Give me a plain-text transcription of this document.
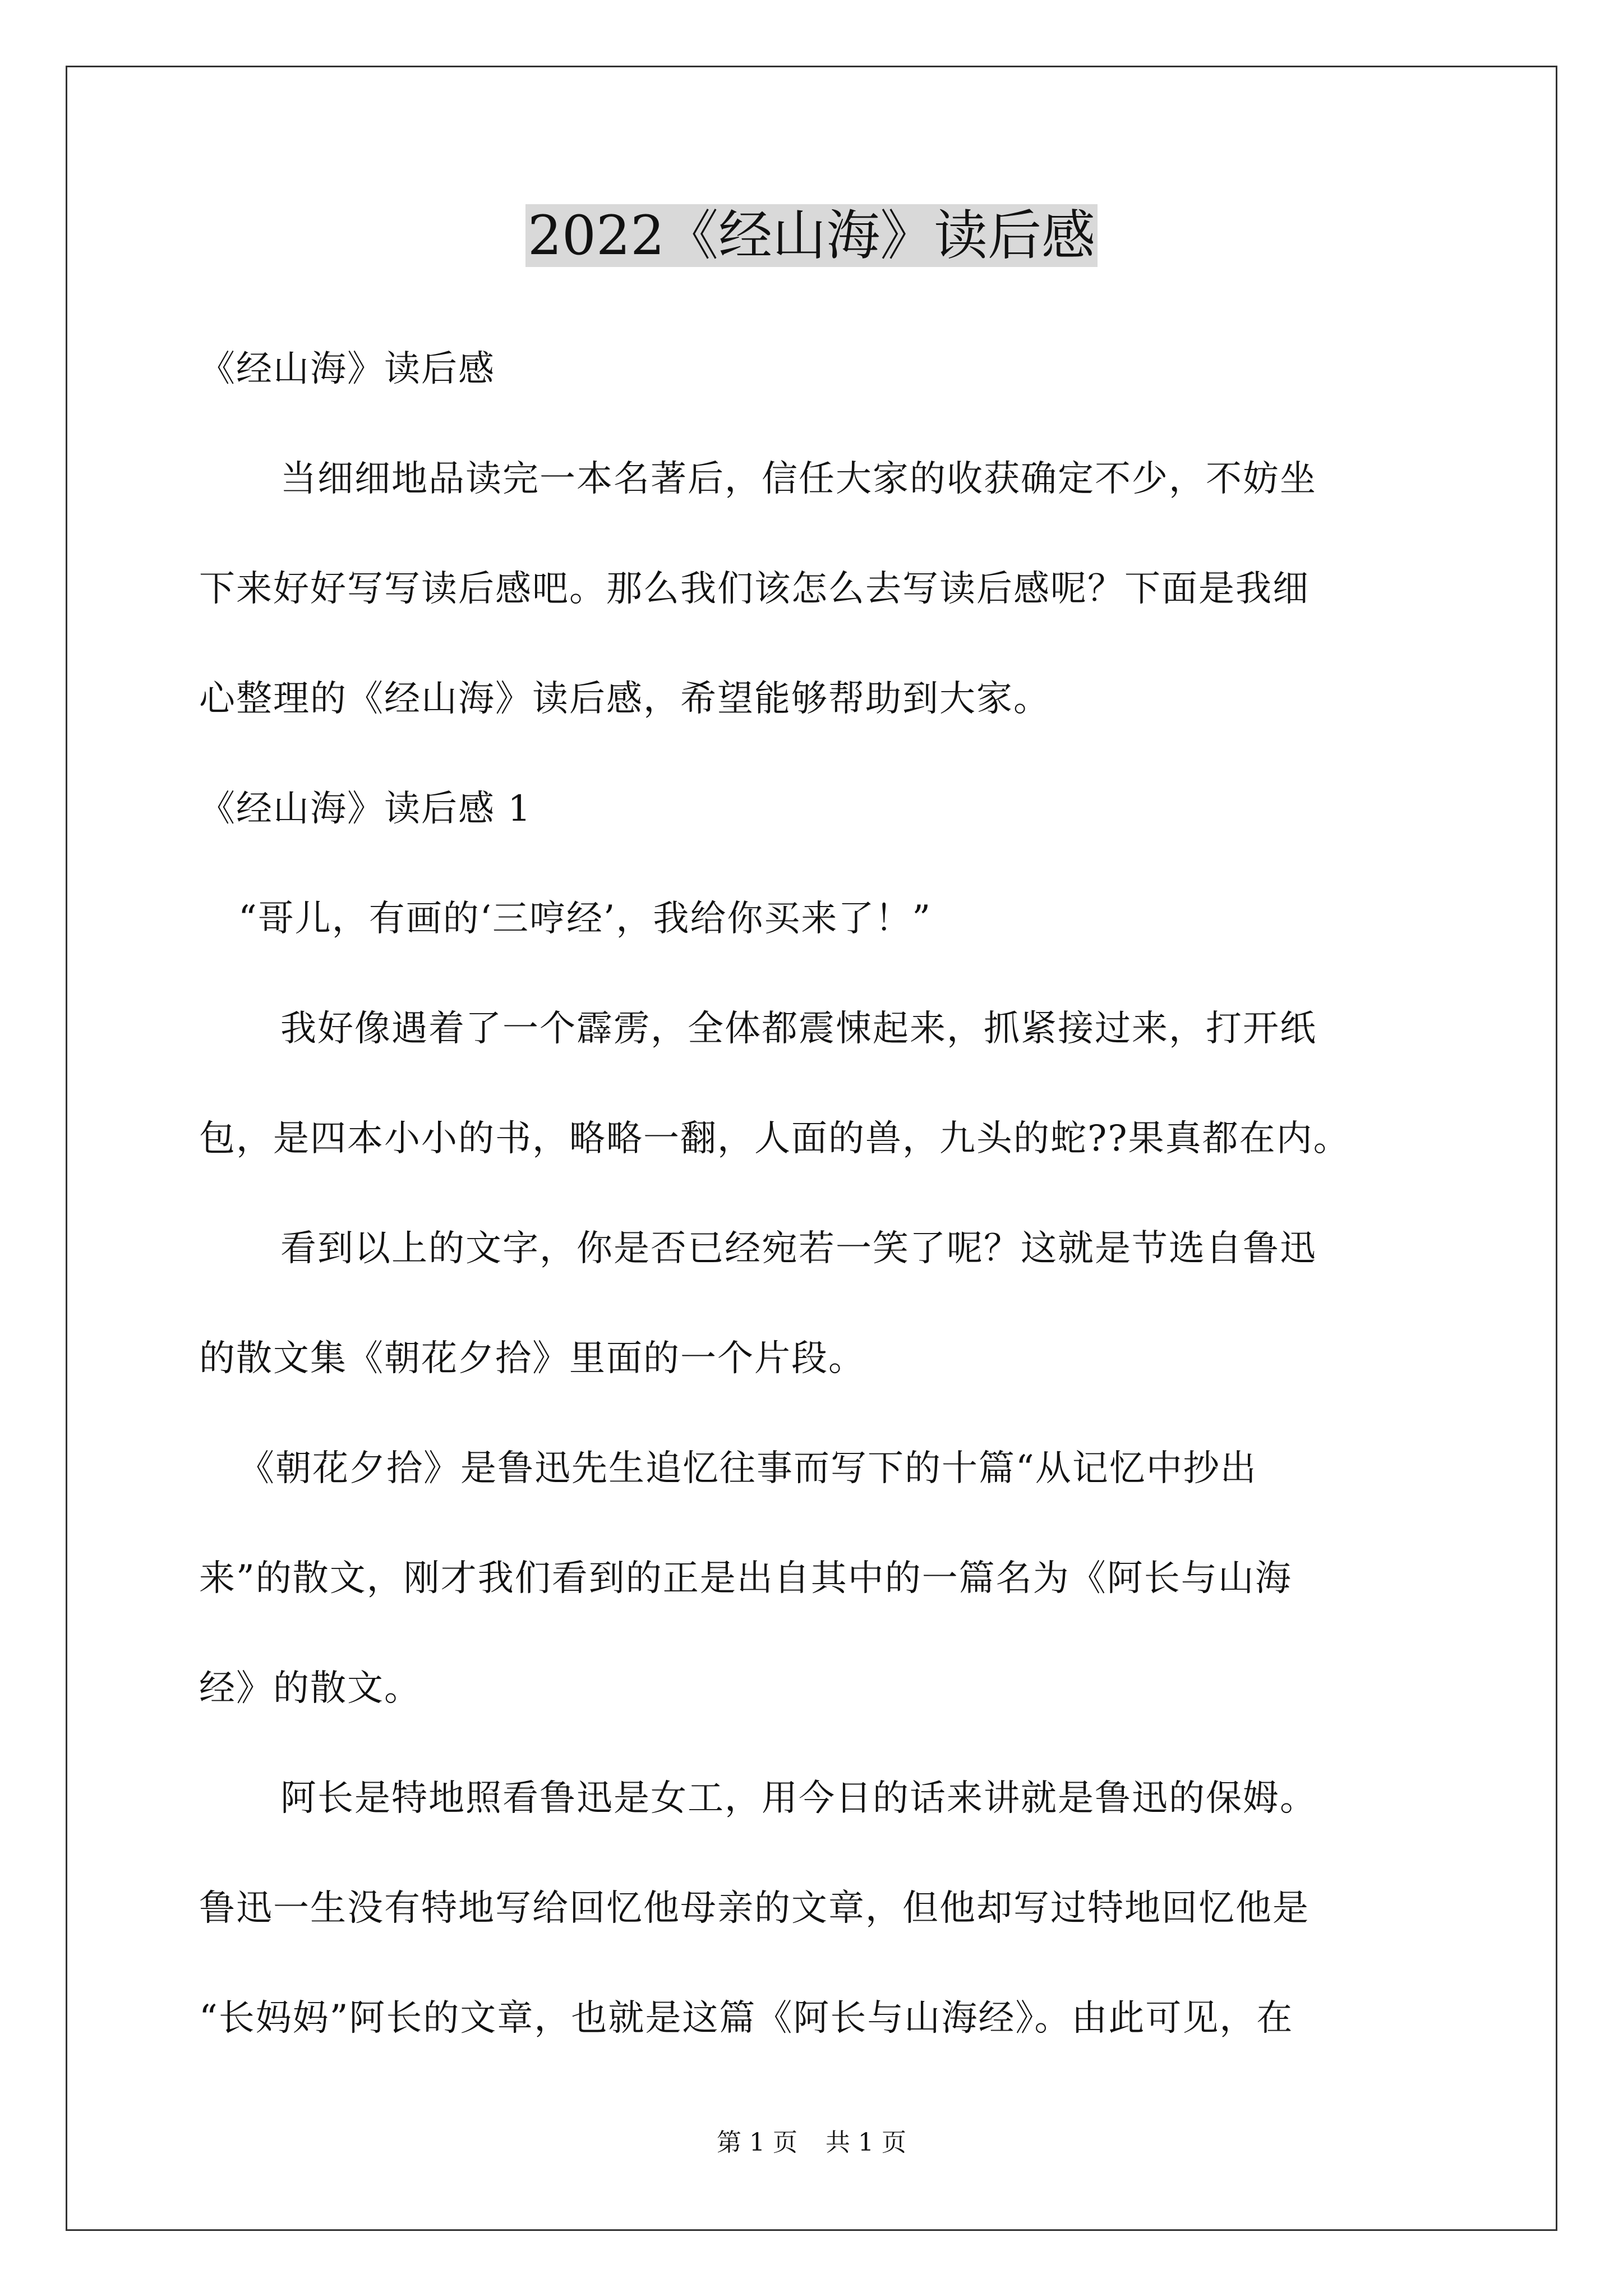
2022《经山海》读后感
《经山海》读后感
当细细地品读完一本名著后，信任大家的收获确定不少，不妨坐
下来好好写写读后感吧。那么我们该怎么去写读后感呢？下面是我细
心整理的《经山海》读后感，希望能够帮助到大家。
《经山海》读后感 1
“哥儿，有画的‘三哼经’，我给你买来了！”
我好像遇着了一个霹雳，全体都震悚起来，抓紧接过来，打开纸
包，是四本小小的书，略略一翻，人面的兽，九头的蛇??果真都在内。
看到以上的文字，你是否已经宛若一笑了呢？这就是节选自鲁迅
的散文集《朝花夕拾》里面的一个片段。
《朝花夕拾》是鲁迅先生追忆往事而写下的十篇“从记忆中抄出
来”的散文，刚才我们看到的正是出自其中的一篇名为《阿长与山海
经》的散文。
阿长是特地照看鲁迅是女工，用今日的话来讲就是鲁迅的保姆。
鲁迅一生没有特地写给回忆他母亲的文章，但他却写过特地回忆他是
“长妈妈”阿长的文章，也就是这篇《阿长与山海经》。由此可见，在
第 1 页 共 1 页
